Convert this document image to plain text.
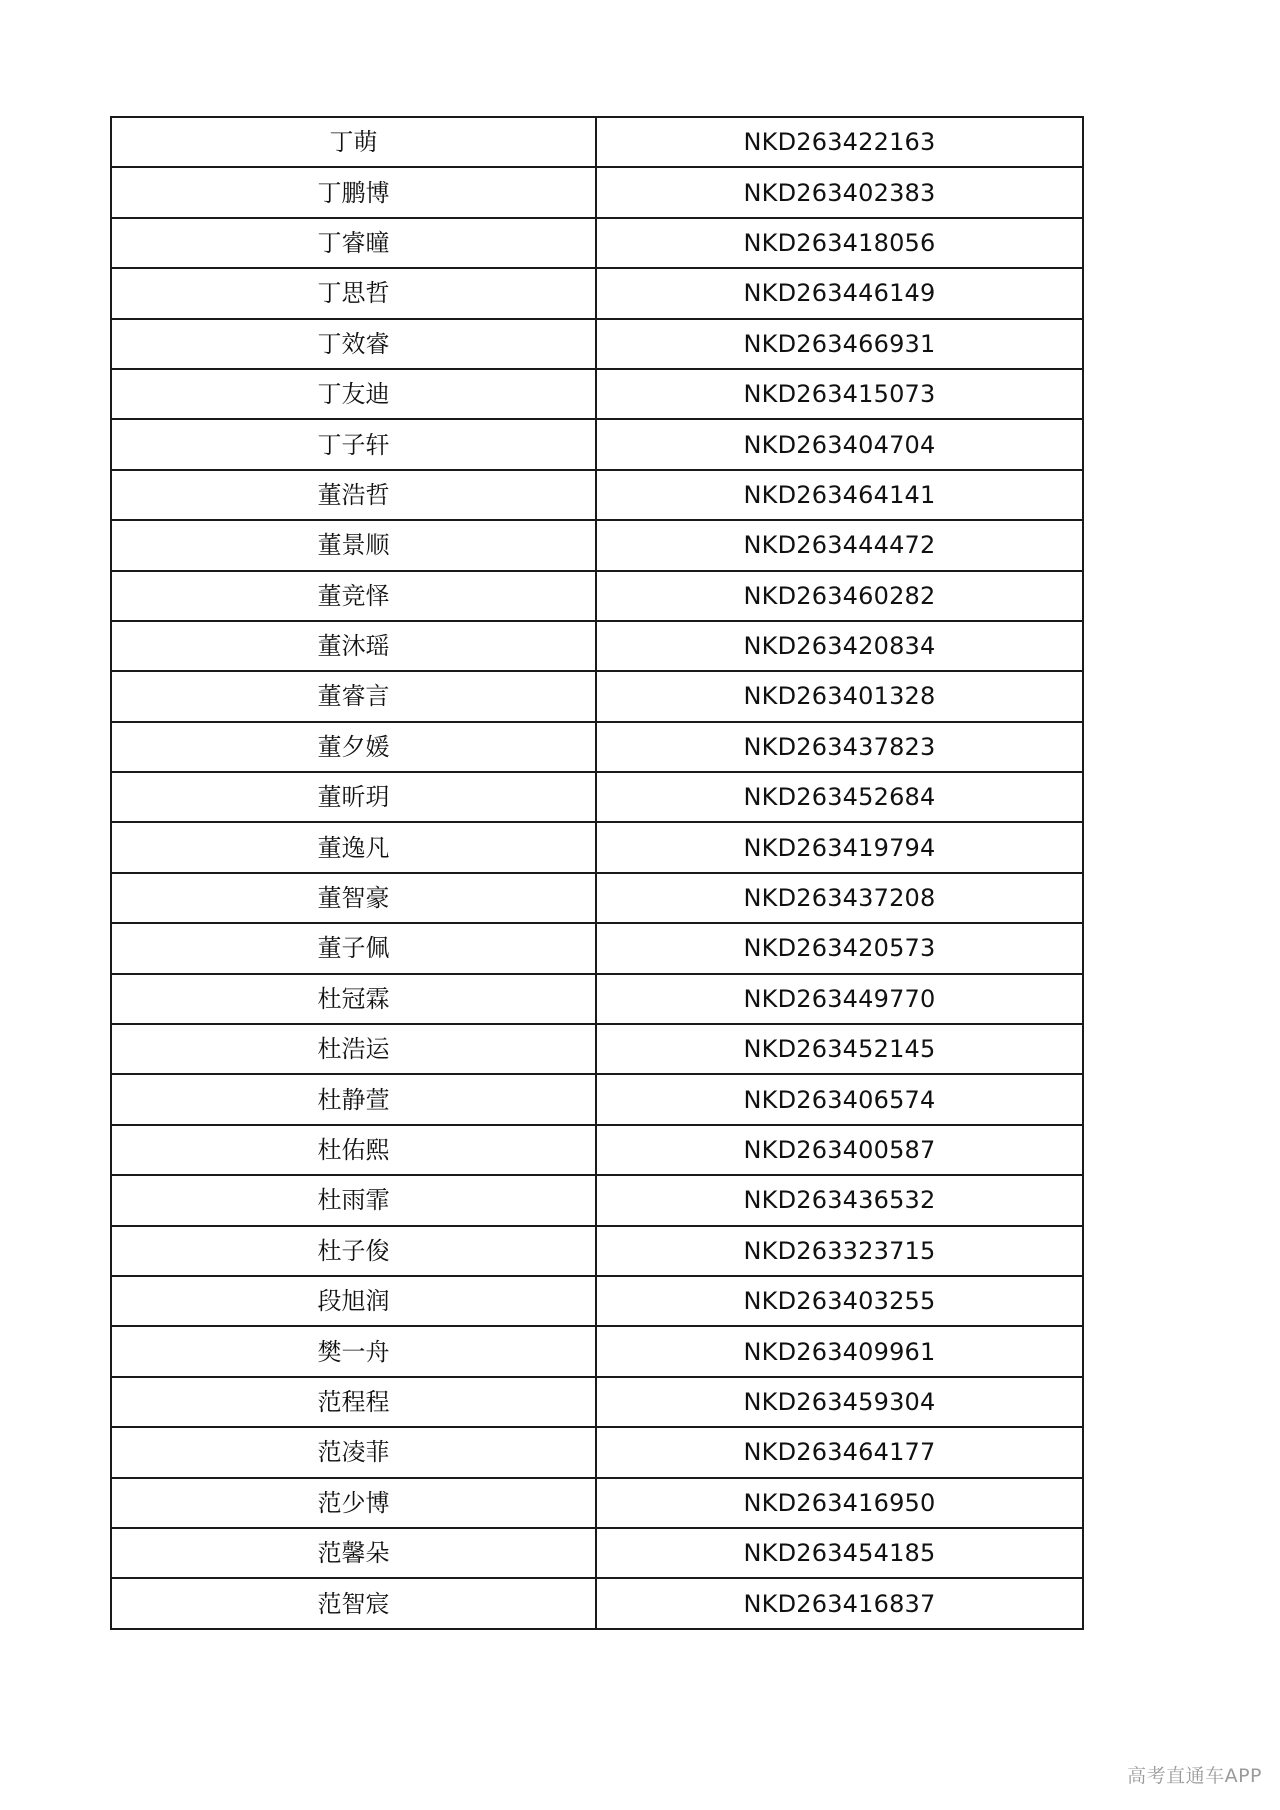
丁萌	NKD263422163
丁鹏博	NKD263402383
丁睿曈	NKD263418056
丁思哲	NKD263446149
丁效睿	NKD263466931
丁友迪	NKD263415073
丁子轩	NKD263404704
董浩哲	NKD263464141
董景顺	NKD263444472
董竞怿	NKD263460282
董沐瑶	NKD263420834
董睿言	NKD263401328
董夕媛	NKD263437823
董昕玥	NKD263452684
董逸凡	NKD263419794
董智豪	NKD263437208
董子佩	NKD263420573
杜冠霖	NKD263449770
杜浩运	NKD263452145
杜静萱	NKD263406574
杜佑熙	NKD263400587
杜雨霏	NKD263436532
杜子俊	NKD263323715
段旭润	NKD263403255
樊一舟	NKD263409961
范程程	NKD263459304
范凌菲	NKD263464177
范少博	NKD263416950
范馨朵	NKD263454185
范智宸	NKD263416837
高考直通车APP
